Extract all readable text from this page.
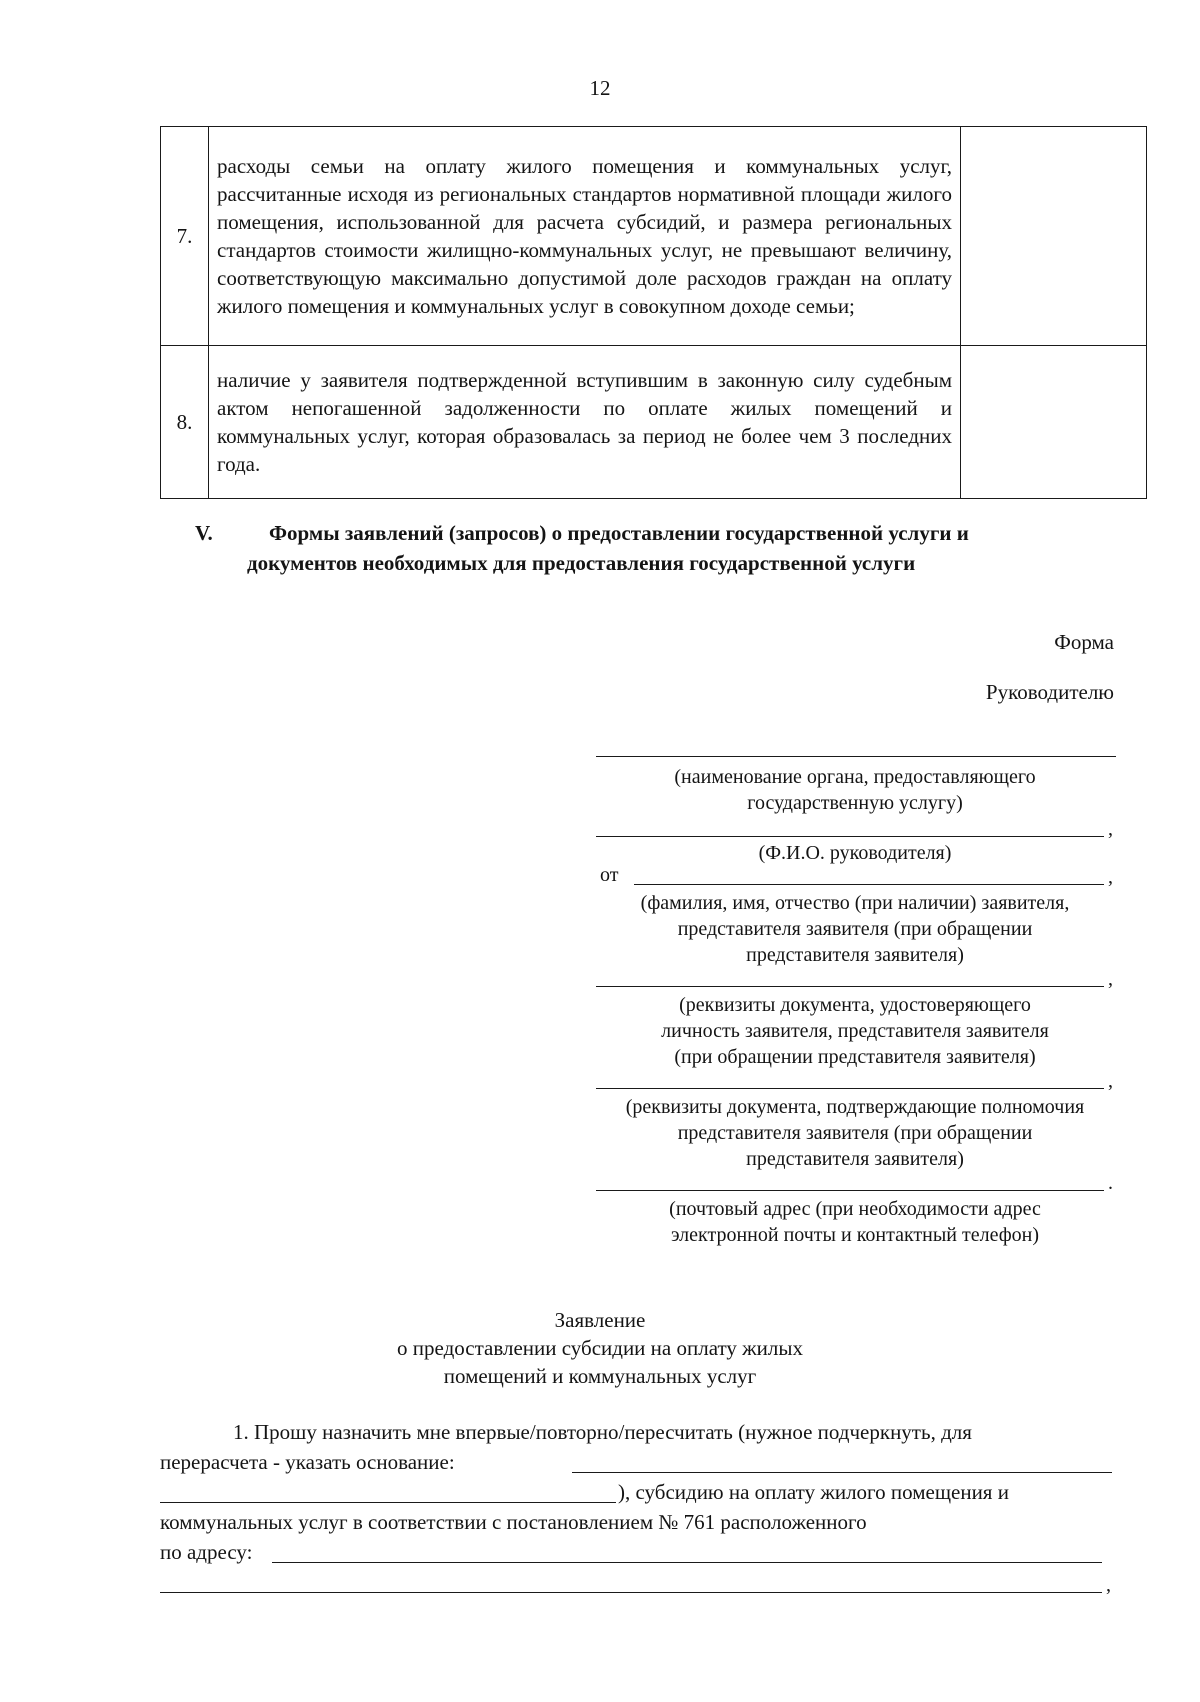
12
7.	расходы семьи на оплату жилого помещения и коммунальных услуг, рассчитанные исходя из региональных стандартов нормативной площади жилого помещения, использованной для расчета субсидий, и размера региональных стандартов стоимости жилищно-коммунальных услуг, не превышают величину, соответствующую максимально допустимой доле расходов граждан на оплату жилого помещения и коммунальных услуг в совокупном доходе семьи;	
8.	наличие у заявителя подтвержденной вступившим в законную силу судебным актом непогашенной задолженности по оплате жилых помещений и коммунальных услуг, которая образовалась за период не более чем 3 последних года.	
V.	Формы заявлений (запросов) о предоставлении государственной услуги и
документов необходимых для предоставления государственной услуги
Форма
Руководителю
(наименование органа, предоставляющего
государственную услугу)
,
(Ф.И.О. руководителя)
от	,
(фамилия, имя, отчество (при наличии) заявителя,
представителя заявителя (при обращении
представителя заявителя)
,
(реквизиты документа, удостоверяющего
личность заявителя, представителя заявителя
(при обращении представителя заявителя)
,
(реквизиты документа, подтверждающие полномочия
представителя заявителя (при обращении
представителя заявителя)
.
(почтовый адрес (при необходимости адрес
электронной почты и контактный телефон)
Заявление
о предоставлении субсидии на оплату жилых
помещений и коммунальных услуг
1. Прошу назначить мне впервые/повторно/пересчитать (нужное подчеркнуть, для
перерасчета - указать основание:
), субсидию на оплату жилого помещения и
коммунальных услуг в соответствии с постановлением № 761 расположенного
по адресу:
,
